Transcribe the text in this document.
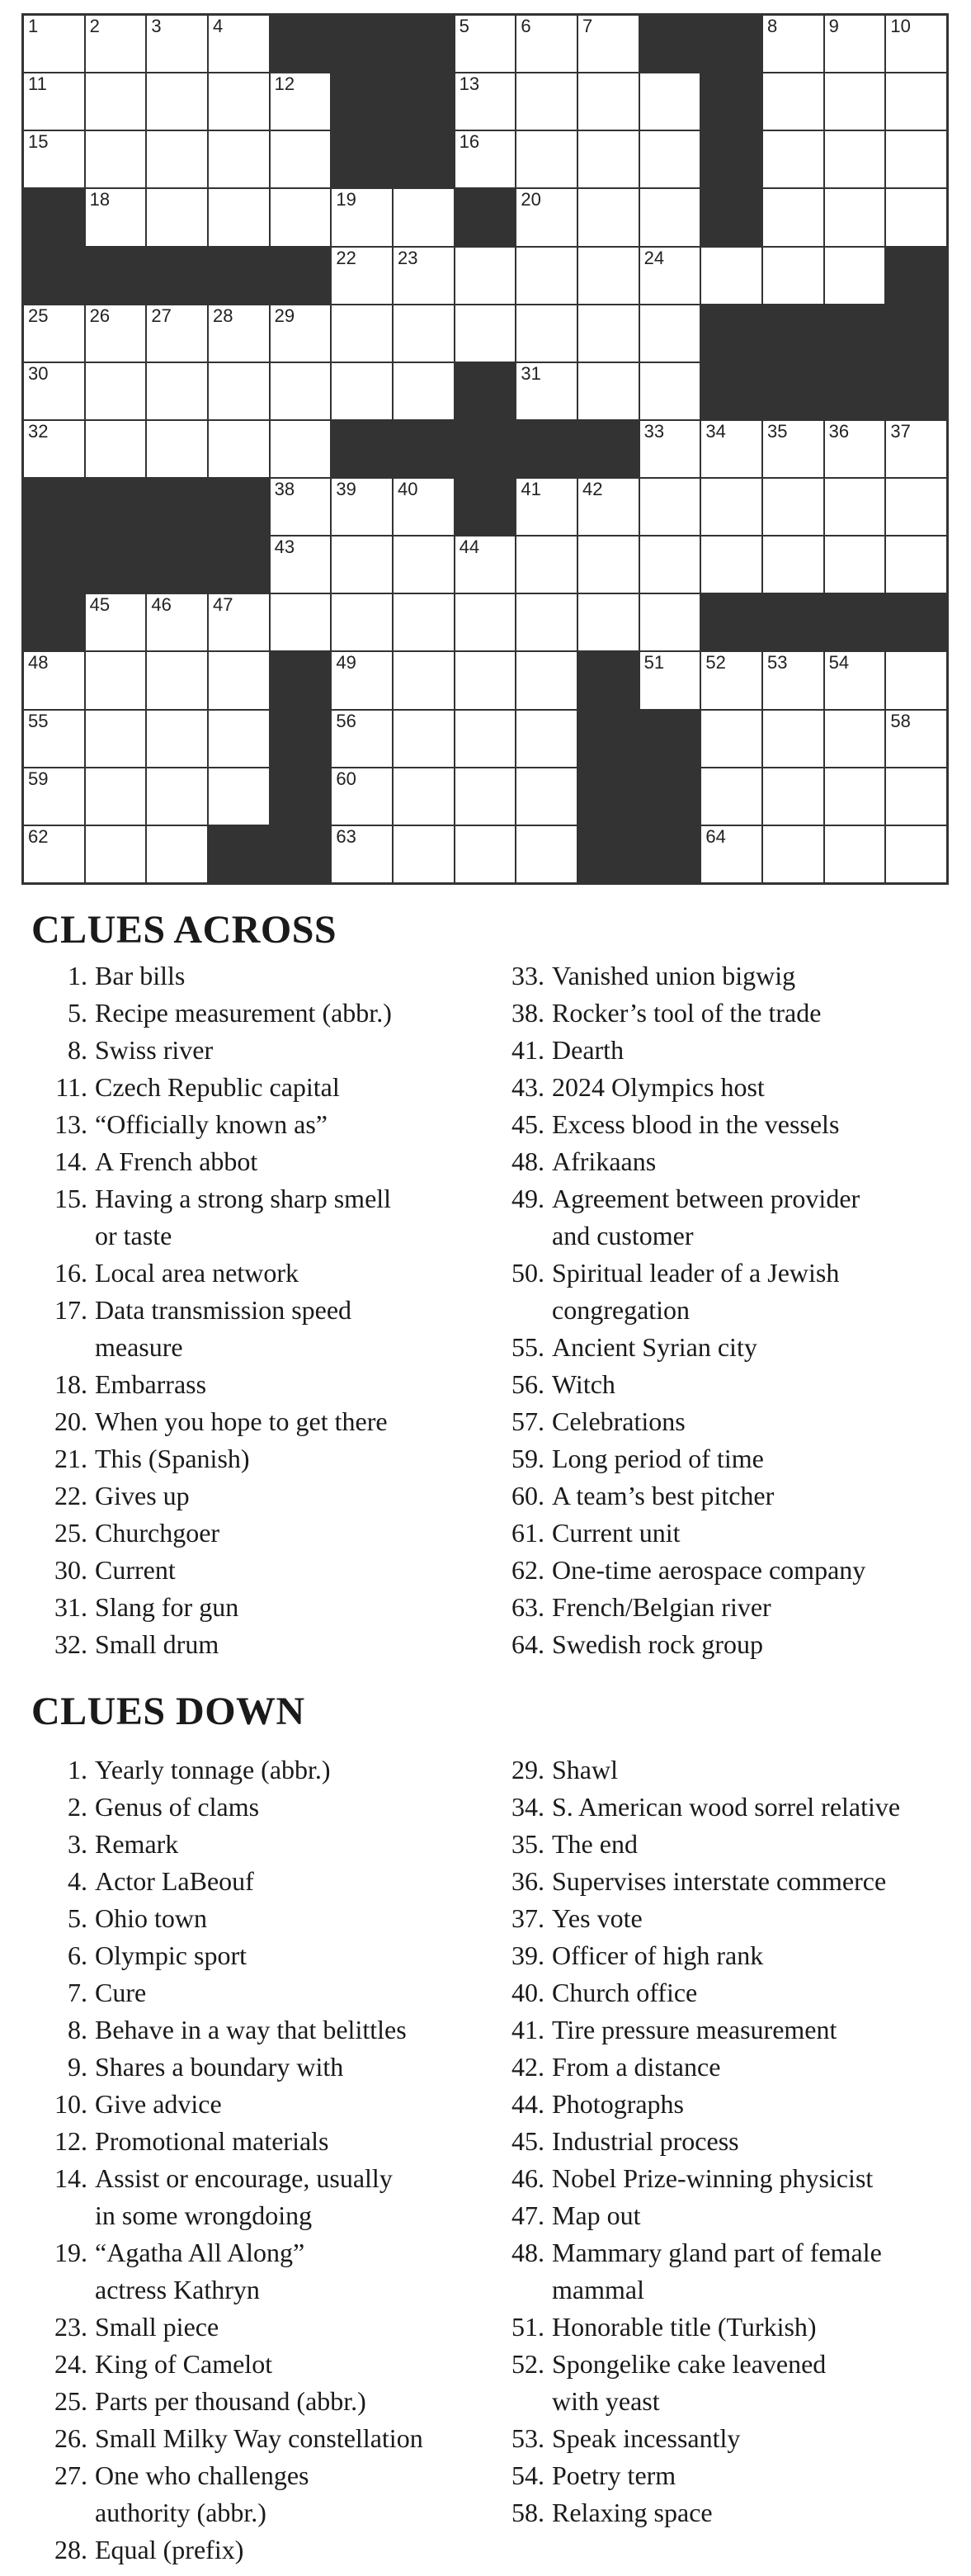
1	2	3	4	5	6	7	8	9	10
11	12	13
15	16
18	19	20
22 23	24
25 26 27 28 29
30	31
32	33 34 35 36 37
38 39 40	41 42
43	44
45 46 47
48	49	51 52 53 54
55	56	58
59	60
62	63	64
CLUES ACROSS
1. Bar bills
5. Recipe measurement (abbr.)
8. Swiss river
11. Czech Republic capital
13. “Officially known as”
14. A French abbot
15. Having a strong sharp smell
or taste
16. Local area network
17. Data transmission speed
measure
18. Embarrass
20. When you hope to get there
21. This (Spanish)
22. Gives up
25. Churchgoer
30. Current
31. Slang for gun
32. Small drum
33. Vanished union bigwig
38. Rocker’s tool of the trade
41. Dearth
43. 2024 Olympics host
45. Excess blood in the vessels
48. Afrikaans
49. Agreement between provider
and customer
50. Spiritual leader of a Jewish
congregation
55. Ancient Syrian city
56. Witch
57. Celebrations
59. Long period of time
60. A team’s best pitcher
61. Current unit
62. One-time aerospace company
63. French/Belgian river
64. Swedish rock group
CLUES DOWN
1. Yearly tonnage (abbr.)
2. Genus of clams
3. Remark
4. Actor LaBeouf
5. Ohio town
6. Olympic sport
7. Cure
8. Behave in a way that belittles
9. Shares a boundary with
10. Give advice
12. Promotional materials
14. Assist or encourage, usually
in some wrongdoing
19. “Agatha All Along”
actress Kathryn
23. Small piece
24. King of Camelot
25. Parts per thousand (abbr.)
26. Small Milky Way constellation
27. One who challenges
authority (abbr.)
28. Equal (prefix)
29. Shawl
34. S. American wood sorrel relative
35. The end
36. Supervises interstate commerce
37. Yes vote
39. Officer of high rank
40. Church office
41. Tire pressure measurement
42. From a distance
44. Photographs
45. Industrial process
46. Nobel Prize-winning physicist
47. Map out
48. Mammary gland part of female
mammal
51. Honorable title (Turkish)
52. Spongelike cake leavened
with yeast
53. Speak incessantly
54. Poetry term
58. Relaxing space
